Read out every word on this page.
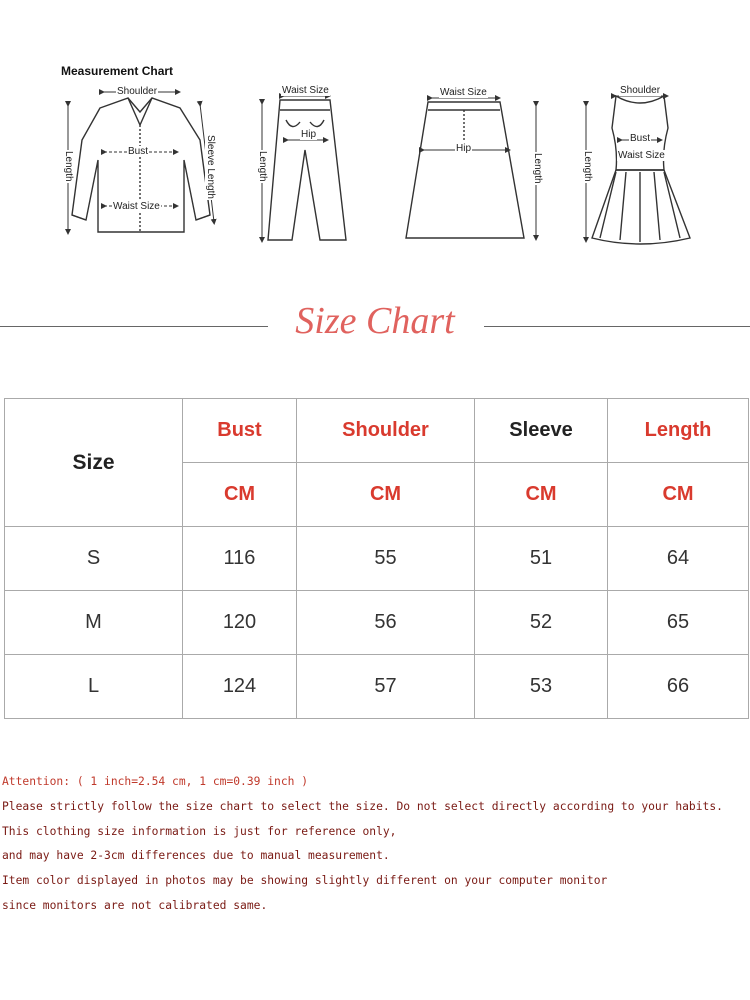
Measurement Chart
Shoulder
Bust
Waist Size
Length	Sleeve Length
Waist Size
Hip
Length
Waist Size
Hip
Length
Shoulder
Bust
Waist Size
Length
Size Chart
Size	Bust	Shoulder	Sleeve	Length
	CM	CM	CM	CM
S	116	55	51	64
M	120	56	52	65
L	124	57	53	66
Attention: ( 1 inch=2.54 cm, 1 cm=0.39 inch )
Please strictly follow the size chart to select the size. Do not select directly according to your habits.
This clothing size information is just for reference only,
and may have 2-3cm differences due to manual measurement.
Item color displayed in photos may be showing slightly different on your computer monitor
since monitors are not calibrated same.
